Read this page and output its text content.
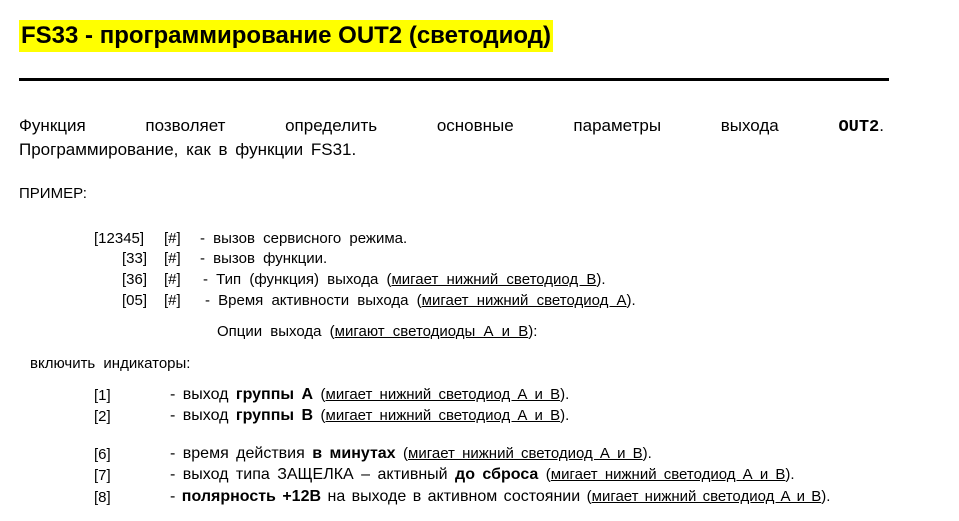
FS33 - программирование OUT2 (светодиод)
Функция позволяет определить основные параметры выхода OUT2.
Программирование, как в функции FS31.
ПРИМЕР:
[12345] [#] - вызов сервисного режима.
[33] [#] - вызов функции.
[36] [#] - Тип (функция) выхода (мигает нижний светодиод В).
[05] [#] - Время активности выхода (мигает нижний светодиод А).
Опции выхода (мигают светодиоды А и В):
включить индикаторы:
[1]	- выход группы А (мигает нижний светодиод А и В).
[2]	- выход группы В (мигает нижний светодиод А и В).
[6]	- время действия в минутах (мигает нижний светодиод А и В).
[7]	- выход типа ЗАЩЕЛКА – активный до сброса (мигает нижний светодиод А и В).
[8]	- полярность +12В на выходе в активном состоянии (мигает нижний светодиод А и В).
